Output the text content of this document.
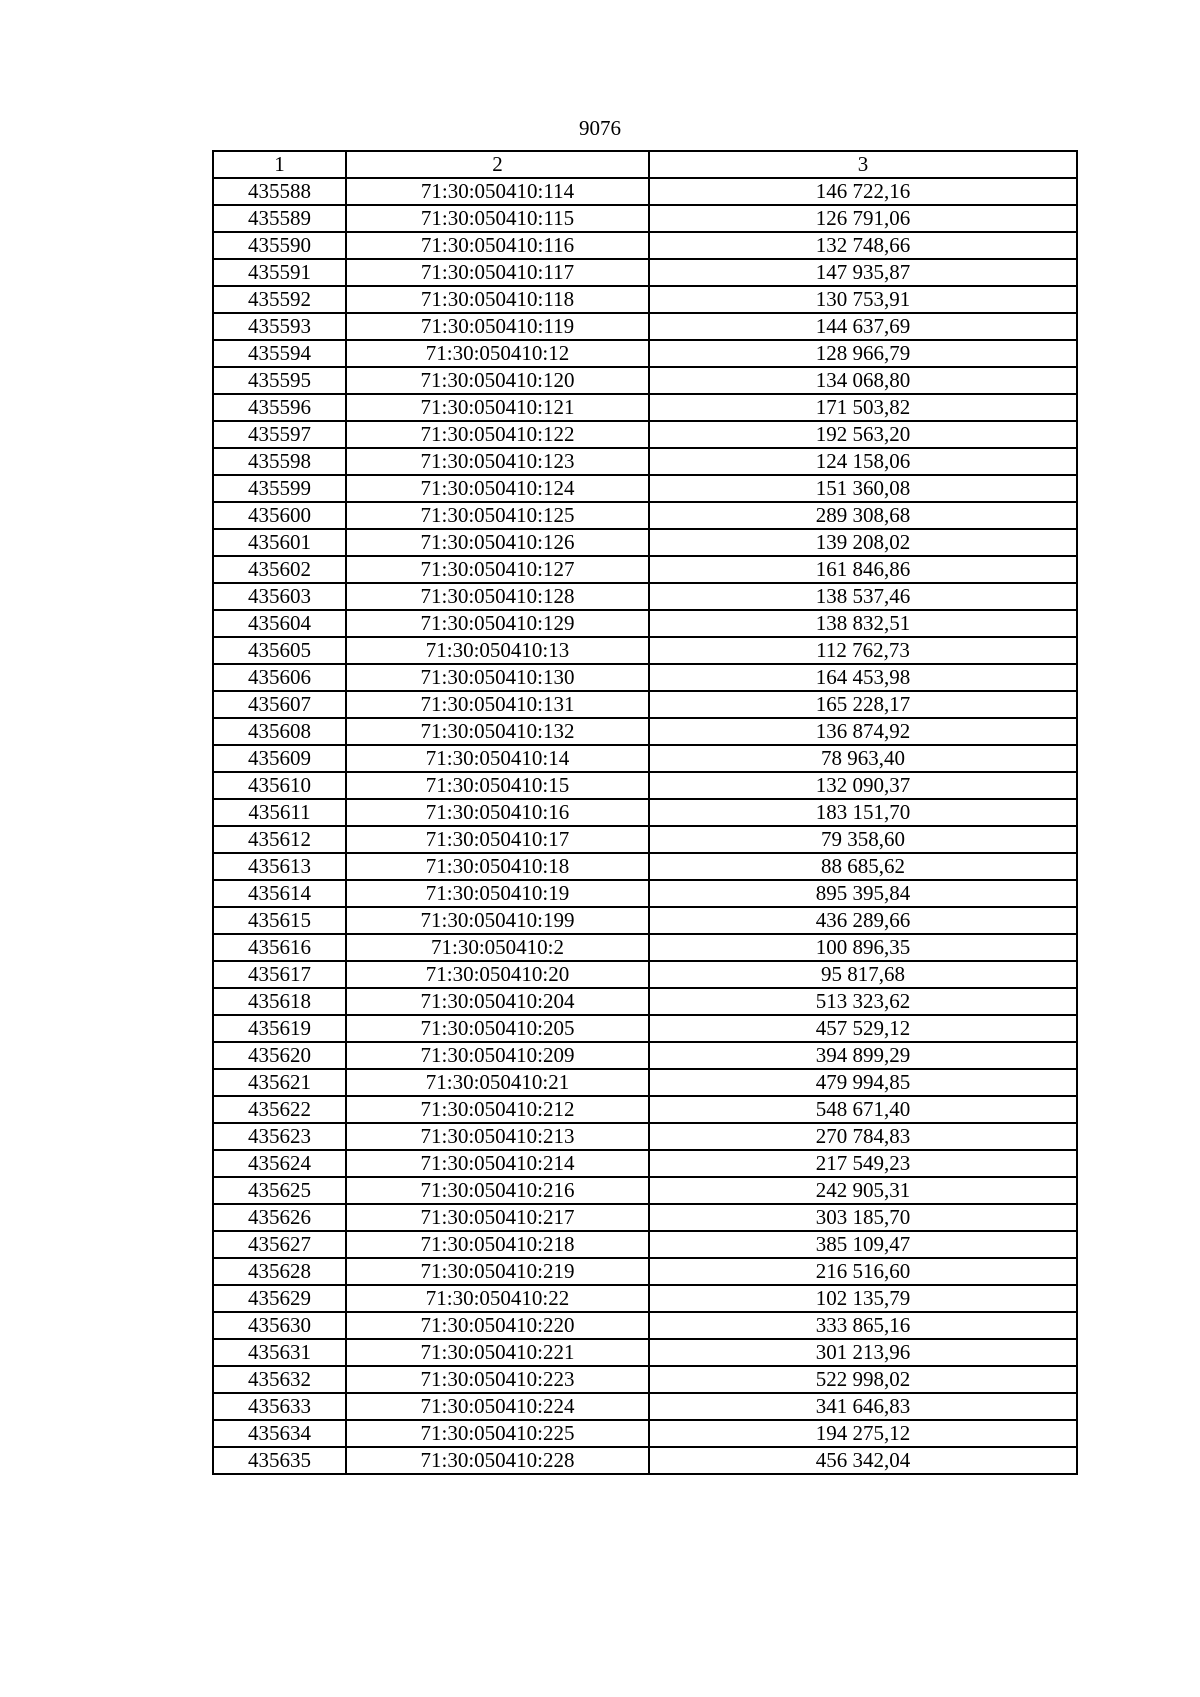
9076
1	2	3
435588	71:30:050410:114	146 722,16
435589	71:30:050410:115	126 791,06
435590	71:30:050410:116	132 748,66
435591	71:30:050410:117	147 935,87
435592	71:30:050410:118	130 753,91
435593	71:30:050410:119	144 637,69
435594	71:30:050410:12	128 966,79
435595	71:30:050410:120	134 068,80
435596	71:30:050410:121	171 503,82
435597	71:30:050410:122	192 563,20
435598	71:30:050410:123	124 158,06
435599	71:30:050410:124	151 360,08
435600	71:30:050410:125	289 308,68
435601	71:30:050410:126	139 208,02
435602	71:30:050410:127	161 846,86
435603	71:30:050410:128	138 537,46
435604	71:30:050410:129	138 832,51
435605	71:30:050410:13	112 762,73
435606	71:30:050410:130	164 453,98
435607	71:30:050410:131	165 228,17
435608	71:30:050410:132	136 874,92
435609	71:30:050410:14	78 963,40
435610	71:30:050410:15	132 090,37
435611	71:30:050410:16	183 151,70
435612	71:30:050410:17	79 358,60
435613	71:30:050410:18	88 685,62
435614	71:30:050410:19	895 395,84
435615	71:30:050410:199	436 289,66
435616	71:30:050410:2	100 896,35
435617	71:30:050410:20	95 817,68
435618	71:30:050410:204	513 323,62
435619	71:30:050410:205	457 529,12
435620	71:30:050410:209	394 899,29
435621	71:30:050410:21	479 994,85
435622	71:30:050410:212	548 671,40
435623	71:30:050410:213	270 784,83
435624	71:30:050410:214	217 549,23
435625	71:30:050410:216	242 905,31
435626	71:30:050410:217	303 185,70
435627	71:30:050410:218	385 109,47
435628	71:30:050410:219	216 516,60
435629	71:30:050410:22	102 135,79
435630	71:30:050410:220	333 865,16
435631	71:30:050410:221	301 213,96
435632	71:30:050410:223	522 998,02
435633	71:30:050410:224	341 646,83
435634	71:30:050410:225	194 275,12
435635	71:30:050410:228	456 342,04
